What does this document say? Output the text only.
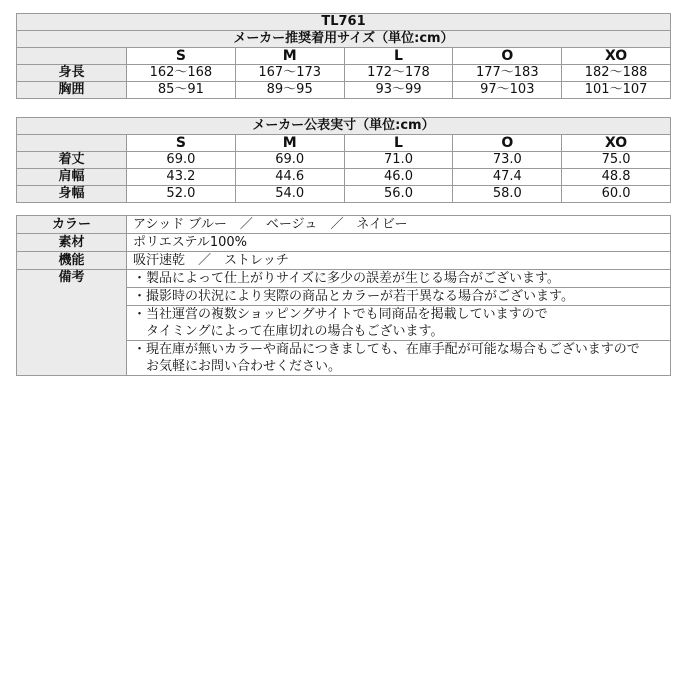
TL761					
メーカー推奨着用サイズ（単位:cm）					
	S	M	L	O	XO
身長	162～168	167～173	172～178	177～183	182～188
胸囲	85～91	89～95	93～99	97～103	101～107
メーカー公表実寸（単位:cm）					
	S	M	L	O	XO
着丈	69.0	69.0	71.0	73.0	75.0
肩幅	43.2	44.6	46.0	47.4	48.8
身幅	52.0	54.0	56.0	58.0	60.0
カラー	アシッド ブルー　／　ベージュ　／　ネイビー
素材	ポリエステル100%
機能	吸汗速乾　／　ストレッチ
備考	・製品によって仕上がりサイズに多少の誤差が生じる場合がございます。

	・撮影時の状況により実際の商品とカラーが若干異なる場合がございます。

	・当社運営の複数ショッピングサイトでも同商品を掲載していますので
　タイミングによって在庫切れの場合もございます。

	・現在庫が無いカラーや商品につきましても、在庫手配が可能な場合もございますので
　お気軽にお問い合わせください。
